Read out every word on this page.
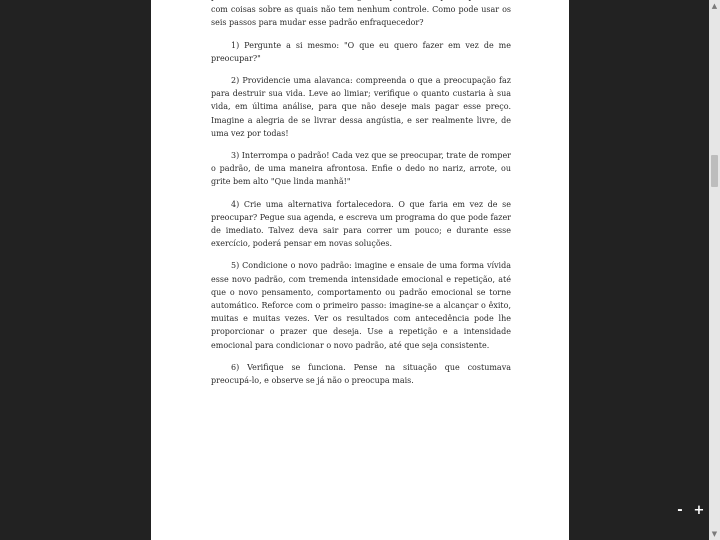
com coisas sobre as quais não tem nenhum controle. Como pode usar os seis passos para mudar esse padrão enfraquecedor?

1) Pergunte a si mesmo: "O que eu quero fazer em vez de me preocupar?"

2) Providencie uma alavanca: compreenda o que a preocupação faz para destruir sua vida. Leve ao limiar; verifique o quanto custaria à sua vida, em última análise, para que não deseje mais pagar esse preço. Imagine a alegria de se livrar dessa angústia, e ser realmente livre, de uma vez por todas!

3) Interrompa o padrão! Cada vez que se preocupar, trate de romper o padrão, de uma maneira afrontosa. Enfie o dedo no nariz, arrote, ou grite bem alto "Que linda manhã!"

4) Crie uma alternativa fortalecedora. O que faria em vez de se preocupar? Pegue sua agenda, e escreva um programa do que pode fazer de imediato. Talvez deva sair para correr um pouco; e durante esse exercício, poderá pensar em novas soluções.

5) Condicione o novo padrão: imagine e ensaie de uma forma vívida esse novo padrão, com tremenda intensidade emocional e repetição, até que o novo pensamento, comportamento ou padrão emocional se torne automático. Reforce com o primeiro passo: imagine-se a alcançar o êxito, muitas e muitas vezes. Ver os resultados com antecedência pode lhe proporcionar o prazer que deseja. Use a repetição e a intensidade emocional para condicionar o novo padrão, até que seja consistente.

6) Verifique se funciona. Pense na situação que costumava preocupá-lo, e observe se já não o preocupa mais.

▲
▼
- +
